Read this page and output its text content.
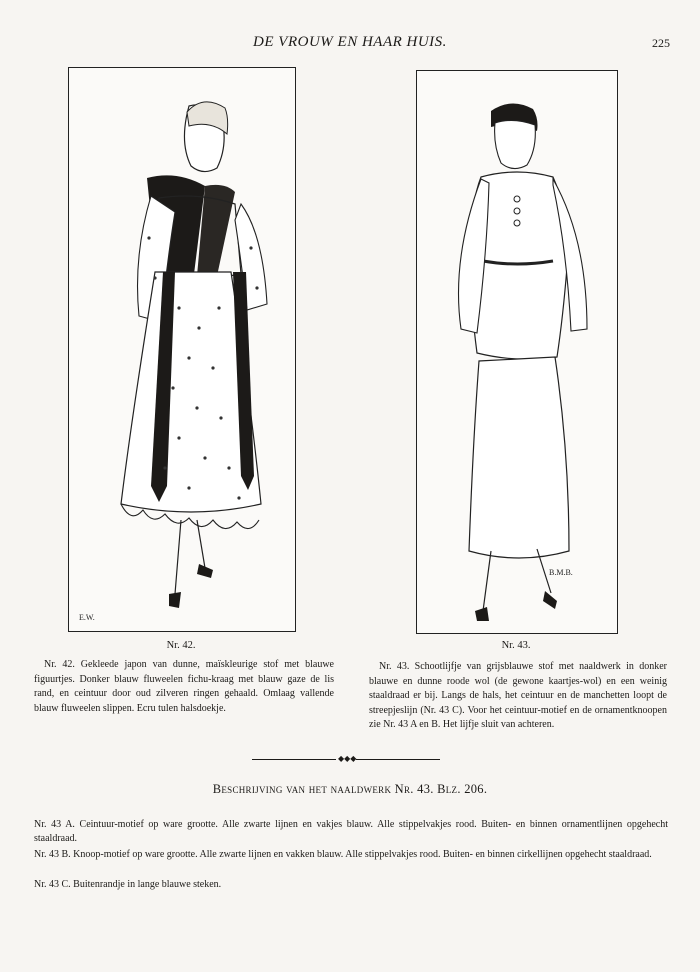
DE VROUW EN HAAR HUIS.	225
E.W.
Nr. 42.
B.M.B.
Nr. 43.
Nr. 42. Gekleede japon van dunne, maïskleurige stof met blauwe figuurtjes. Donker blauw fluweelen fichu-kraag met blauw gaze de lis rand, en ceintuur door oud zilveren ringen gehaald. Omlaag vallende blauw fluweelen slippen. Ecru tulen halsdoekje.
Nr. 43. Schootlijfje van grijsblauwe stof met naaldwerk in donker blauwe en dunne roode wol (de gewone kaartjes-wol) en een weinig staaldraad er bij. Langs de hals, het ceintuur en de manchetten loopt de streepjeslijn (Nr. 43 C). Voor het ceintuur-motief en de ornamentknoopen zie Nr. 43 A en B. Het lijfje sluit van achteren.
◆◆◆
Beschrijving van het naaldwerk Nr. 43. Blz. 206.
Nr. 43 A. Ceintuur-motief op ware grootte. Alle zwarte lijnen en vakjes blauw. Alle stippelvakjes rood. Buiten- en binnen ornamentlijnen opgehecht staaldraad.
Nr. 43 B. Knoop-motief op ware grootte. Alle zwarte lijnen en vakken blauw. Alle stippelvakjes rood. Buiten- en binnen cirkellijnen opgehecht staaldraad.
Nr. 43 C. Buitenrandje in lange blauwe steken.
